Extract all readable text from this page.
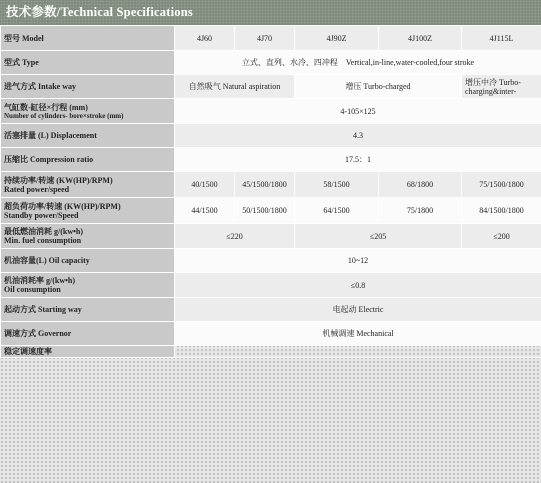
技术参数/Technical Specifications
型号 Model	4J60	4J70	4J90Z	4J100Z	4J115L
型式 Type	立式、直列、水冷、四冲程　Vertical,in-line,water-cooled,four stroke				
进气方式 Intake way	自然吸气 Natural aspiration		增压 Turbo-charged		增压中冷 Turbo-charging&inter-

气缸数-缸径×行程 (mm)
Number of cylinders- bore×stroke (mm)	4-105×125				
活塞排量 (L) Displacement	4.3				
压缩比 Compression ratio	17.5：1				

持续功率/转速 (KW(HP)/RPM)
Rated power/speed	40/1500	45/1500/1800	58/1500	68/1800	75/1500/1800

超负荷功率/转速 (KW(HP)/RPM)
Standby power/Speed	44/1500	50/1500/1800	64/1500	75/1800	84/1500/1800

最低燃油消耗 g/(kw•h)
Min. fuel consumption	≤220		≤205		≤200
机油容量(L) Oil capacity	10~12				

机油消耗率 g/(kw•h)
Oil consumption	≤0.8				
起动方式 Starting way	电起动 Electric				
调速方式 Governor	机械调速 Mechanical				
稳定调速度率					
